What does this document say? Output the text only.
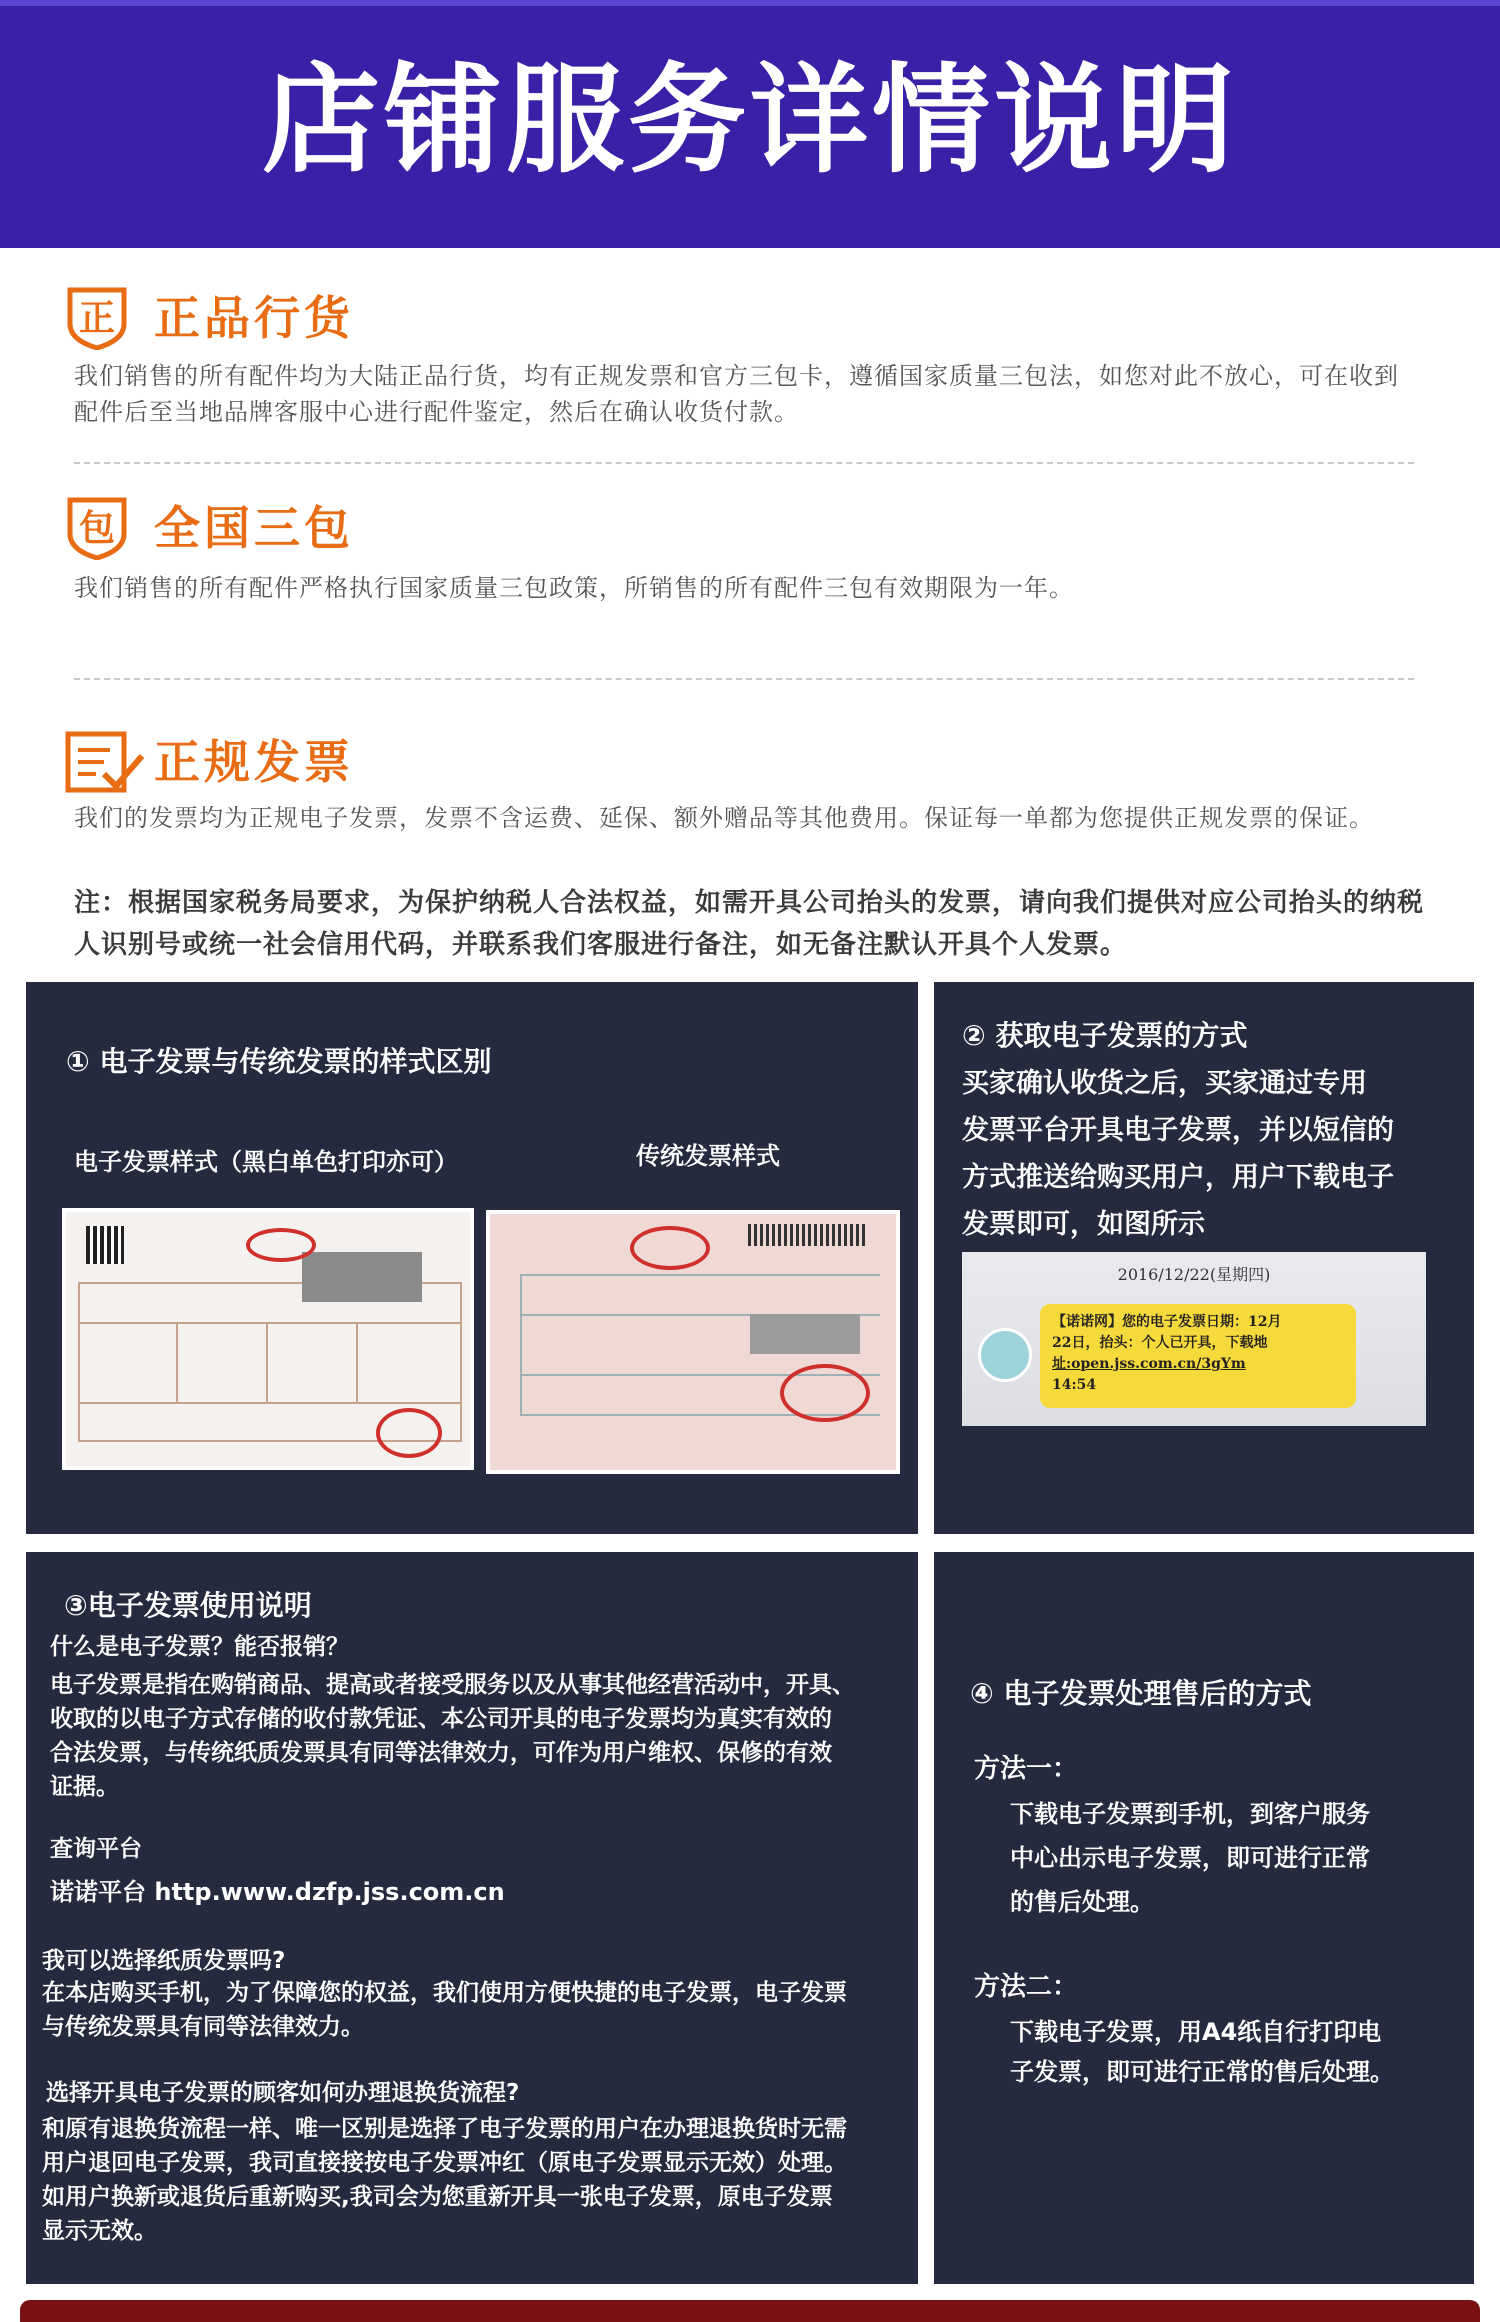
店铺服务详情说明
正 正品行货
我们销售的所有配件均为大陆正品行货，均有正规发票和官方三包卡，遵循国家质量三包法，如您对此不放心，可在收到配件后至当地品牌客服中心进行配件鉴定，然后在确认收货付款。
包 全国三包
我们销售的所有配件严格执行国家质量三包政策，所销售的所有配件三包有效期限为一年。
正规发票
我们的发票均为正规电子发票，发票不含运费、延保、额外赠品等其他费用。保证每一单都为您提供正规发票的保证。
注：根据国家税务局要求，为保护纳税人合法权益，如需开具公司抬头的发票，请向我们提供对应公司抬头的纳税人识别号或统一社会信用代码，并联系我们客服进行备注，如无备注默认开具个人发票。
① 电子发票与传统发票的样式区别
电子发票样式（黑白单色打印亦可）	传统发票样式
② 获取电子发票的方式
买家确认收货之后，买家通过专用
发票平台开具电子发票，并以短信的
方式推送给购买用户，用户下载电子
发票即可，如图所示
2016/12/22(星期四)
【诺诺网】您的电子发票日期：12月
22日，抬头：个人已开具，下载地
址:open.jss.com.cn/3gYm
14:54
③电子发票使用说明
什么是电子发票？能否报销？
电子发票是指在购销商品、提高或者接受服务以及从事其他经营活动中，开具、
收取的以电子方式存储的收付款凭证、本公司开具的电子发票均为真实有效的
合法发票，与传统纸质发票具有同等法律效力，可作为用户维权、保修的有效
证据。
查询平台
诺诺平台 http.www.dzfp.jss.com.cn
我可以选择纸质发票吗?
在本店购买手机，为了保障您的权益，我们使用方便快捷的电子发票，电子发票
与传统发票具有同等法律效力。
选择开具电子发票的顾客如何办理退换货流程?
和原有退换货流程一样、唯一区别是选择了电子发票的用户在办理退换货时无需
用户退回电子发票，我司直接接按电子发票冲红（原电子发票显示无效）处理。
如用户换新或退货后重新购买,我司会为您重新开具一张电子发票，原电子发票
显示无效。
④ 电子发票处理售后的方式
方法一：
下载电子发票到手机，到客户服务
中心出示电子发票，即可进行正常
的售后处理。
方法二：
下载电子发票，用A4纸自行打印电
子发票，即可进行正常的售后处理。
